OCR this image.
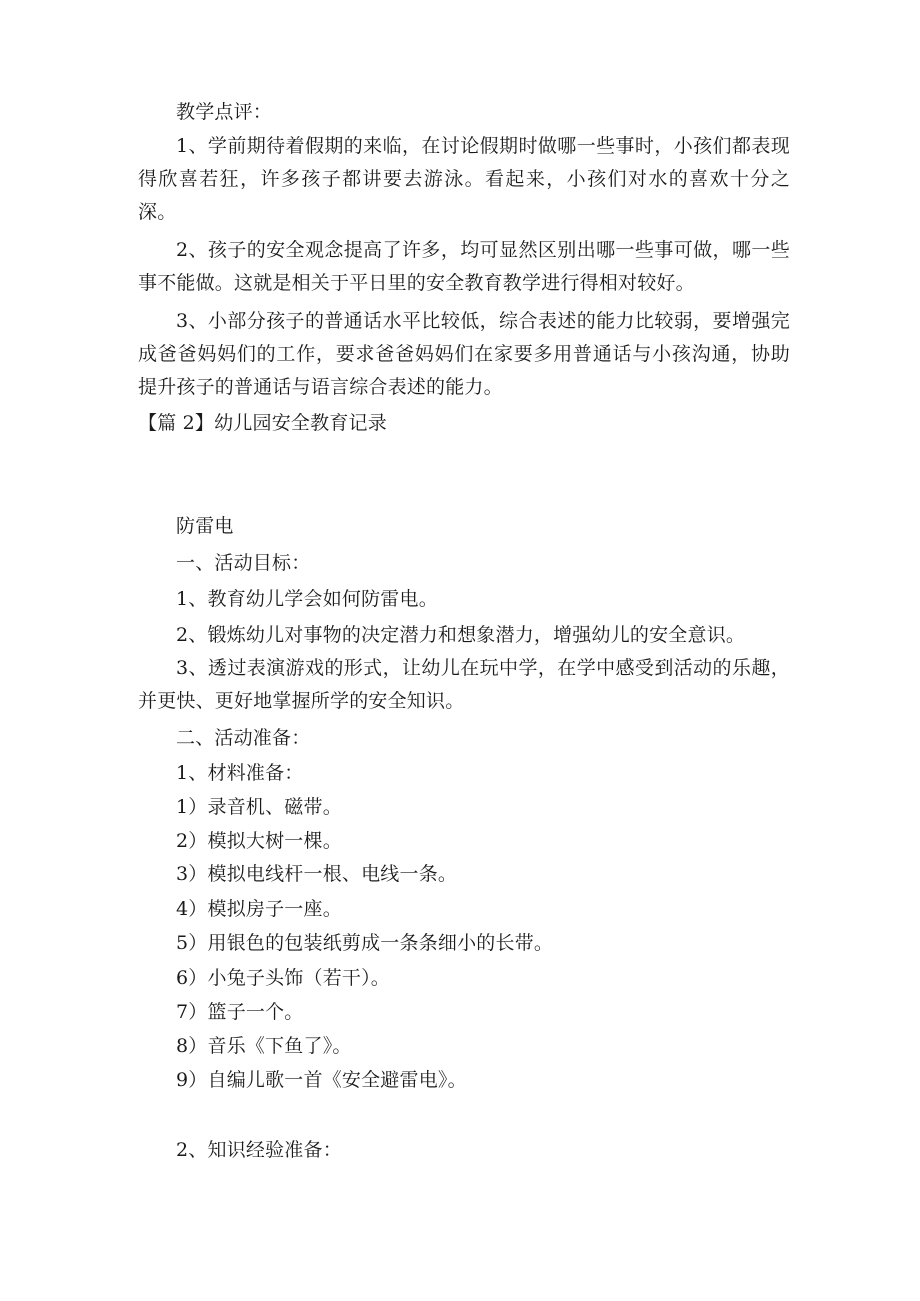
教学点评：

1、学前期待着假期的来临，在讨论假期时做哪一些事时，小孩们都表现得欣喜若狂，许多孩子都讲要去游泳。看起来，小孩们对水的喜欢十分之深。

2、孩子的安全观念提高了许多，均可显然区别出哪一些事可做，哪一些事不能做。这就是相关于平日里的安全教育教学进行得相对较好。

3、小部分孩子的普通话水平比较低，综合表述的能力比较弱，要增强完成爸爸妈妈们的工作，要求爸爸妈妈们在家要多用普通话与小孩沟通，协助提升孩子的普通话与语言综合表述的能力。

【篇 2】幼儿园安全教育记录

防雷电

一、活动目标：

1、教育幼儿学会如何防雷电。

2、锻炼幼儿对事物的决定潜力和想象潜力，增强幼儿的安全意识。

3、透过表演游戏的形式，让幼儿在玩中学，在学中感受到活动的乐趣，并更快、更好地掌握所学的安全知识。

二、活动准备：

1、材料准备：

1）录音机、磁带。

2）模拟大树一棵。

3）模拟电线杆一根、电线一条。

4）模拟房子一座。

5）用银色的包装纸剪成一条条细小的长带。

6）小兔子头饰（若干）。

7）篮子一个。

8）音乐《下鱼了》。

9）自编儿歌一首《安全避雷电》。

2、知识经验准备：
